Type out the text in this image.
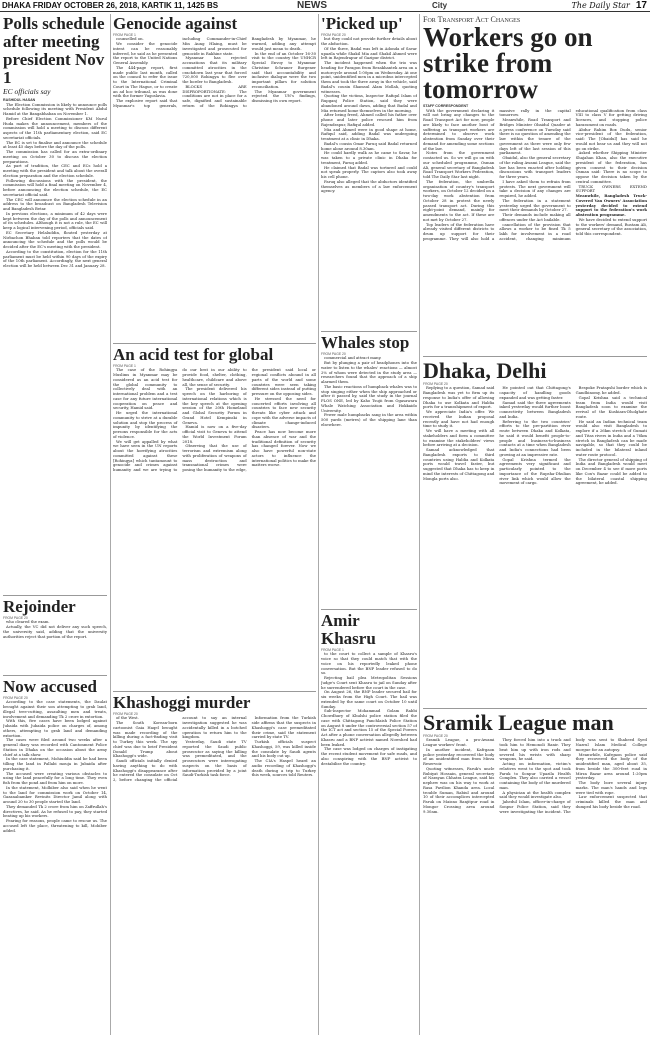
DHAKA FRIDAY OCTOBER 26, 2018, KARTIK 11, 1425 BS	NEWS	City	The Daily Star 17
Polls schedule after meeting president Nov 1
EC officials say
RASHIDUL HASAN

The Election Commission is likely to announce polls schedule following its meeting with President Abdul Hamid at the Bangabhaban on November 1.

Before Chief Election Commissioner KM Nurul Huda makes the announcement, members of the commission will hold a meeting to discuss different aspects of the 11th parliamentary election, said EC secretariat officials.

The EC is set to finalise and announce the schedule at least 45 days before the day of the polls.

The commission has called for an extra-ordinary meeting on October 30 to discuss the election preparations.

As part of tradition, the CEC and ECs hold a meeting with the president and talk about the overall election preparation and the election schedule.

Following discussions with the president, the commission will hold a final meeting on November 4, before announcing the election schedule, the EC secretariat official said.

The CEC will announce the election schedule in an address to the broadcast on Bangladesh Television and Bangladesh Betar.

In previous elections, a minimum of 42 days were kept between the day of the polls and announcement of its schedules. Although it is not a rule, the EC will keep a logical intervening period, officials said.

EC Secretary Helaluddin, flouted yesterday at Nirbachon Bhaban told reporters that the dates of announcing the schedule and the polls would be decided after the EC's meeting with the president.

According to the constitution, election for the 11th parliament must be held within 90 days of the expiry of the 10th parliament. Accordingly, the next general election will be held between Dec 31 and January 28.

Rejoinder
FROM PAGE 20

who cleared the exam.

Actually, the VC did not deliver any such speech, the university said, adding that the university authorities reject that portion of the report.

Now accused
FROM PAGE 20

According to the case statements, the Daulat brought against their son attempting to grab land, illegal tree-cutting, assaulting men and treats, involvement and demanding Tk 2 crore in extortion.

With this, five cases have been lodged against Jubaida with Jubaida police on charges of, among others, attempting to grab land and demanding extortion.

The cases were filed around two weeks after a general diary was recorded with Cantonment Police Station in Dhaka on the occasion about the army chief at a talk show.

In the case statement, Mohiuddin said he had been tilling the land in Pallabi mouja in Jubaida after purchasing it.

The accused were creating various obstacles to using the land peacefully for a long time. They even fish from the pond and from him on more.

In the statement, Molhiber also said when he went to the land for commission work on October 14, Gazanabamker Revinits Director Jamil along with around 20 to 30 people started the land.

They demanded Tk 2 crore from him on Zaffrullah's directives, he said. As he refused to pay, they started beating up his workers.

Fearing for reasons, people came to rescue us. The accused left the place, threatening to kill, Mohiber added.

Genocide against
FROM PAGE 1

counselled on.

We consider the genocide intent can be reasonably inferred, he said as he presented the report to the United Nations General Assembly.

The 444-page report, first made public last month, called on the council to refer the issue to the International Criminal Court in The Hague, or to create an ad hoc tribunal, as was done with the former Yugoslavia.

The explosive report said that Myanmar's top generals, including Commander-in-Chief Min Aung Hlaing, must be investigated and prosecuted for genocide in Rakhine state.

Myanmar has rejected accusations that its military committed atrocities in the crackdown last year that forced 720,000 Rohingya to flee over the border to Bangladesh.

BLOCKS ARE DISPROPORTIONATE: The conditions are not in place for a safe, dignified and sustainable return of the Rohingya to Bangladesh by Myanmar, he warned, adding any attempt would just mean to death.

In the end of an October 16-30 visit to the country the UNHCR Special Envoy to Myanmar Christine Schraner Burgener said that accountability and inclusive dialogue were the two important pillars for solution reconciliation.

The Myanmar government rejected the UN's findings, dismissing its own report.

An acid test for global
FROM PAGE 1

The case of the Rohingya Muslims in Myanmar may be considered as an acid test for the global community to collectively deal with an international problem and a test case for any future international cooperation on peace and security, Hamid said.

He urged the international community to strive at a durable solution and stop the process of impunity by identifying the persons responsible for the acts of violence.

We will get appalled by what we have seen in the UN reports about the horrifying atrocities committed against these [Rohingya] which tantamount to genocide and crimes against humanity and we are trying to do our best in our ability to provide food, shelter, clothing, healthcare, childcare and above all, the sense of security.

The president delivered his speech on the harboring of international relations which is the key speech at the opening session of the 20th Homeland and Global Security Forum in Grand Hotel Kempinski in Geneva.

Hamid is now on a five-day official visit to Geneva to attend the World Investment Forum 2018.

Observing that the use of terrorism and extremism along with proliferation of weapons of mass destruction and transnational crimes were posing the humanity to the edge, the president said local or regional conflicts abound in all parts of the world and some countries were seen taking different sides instead of putting pressure on the opposing sides.

He stressed the need for concerted efforts involving all countries to face new security threats like cyber attack and cope with the adverse impacts of climate change-induced disasters.

Peace has now become more than absence of war and the traditional definition of security has changed forever. Now we also have powerful non-state actors to influence the international politics to make the matters worse.

Khashoggi murder
FROM PAGE 20

of the West.

The South Korean-born cartoonist Gaia Haqel brought was made recording of the killing during a fact-finding visit to Turkey this week. The spy chief was due to brief President Donald Trump about Khashoggi's wide.

Saudi officials initially denied having anything to do with Khashoggi's disappearance after he entered the consulate on Oct 2, before changing the official account to say an internal investigation suggested he was accidentally killed in a botched operation to return him to the kingdom.

Yesterday, Saudi state TV reported the Saudi public prosecutor as saying the killing was premeditated, and the prosecutors were interrogating suspects on the basis of information provided by a joint Saudi-Turkish task force.

Information from the Turkish side affirms that the suspects in Khashoggi's case premeditated their crime, said the statement carried by state TV.

Turkish officials suspect Khashoggi, 59, was killed inside the consulate by Saudi agents and his body cut up.

The CIA's Haspel heard an audio recording of Khashoggi's death during a trip to Turkey this week, sources told Reuters.

'Picked up'
FROM PAGE 20

but they could not provide further details about the abduction.

Of the three, Badal was left in Adonda of Savar upazila while Shakil Mia and Shakil Ahmed were left in Rajendrapur of Gazipur district.

The incident happened when the trio was heading for Paragon from Rezakhantek area on a motorcycle around 1:00pm on Wednesday. At one point, unidentified men in a microbus intercepted them and took the three away in the vehicle, said Badal's cousin Shamsul Alam Mollah, quoting witnesses.

Quoting the victims, Inspector Rafiqul Islam of Rupganj Police Station, said they were abandoned around dawn, adding that Badal and Mia returned home themselves in the morning.

After being freed, Ahmed called his father over phone and later police rescued him from Rajendrapur, Rafiqul added.

Mia and Ahmed were in good shape at home, Rafiqul said, adding Badal was undergoing treatment at a clinic in Dhaka.

Badal's cousin Omar Faruq said Badal returned home alone around 8.30am.

He could hardly walk as he came to Savar, he was taken to a private clinic in Dhaka for treatment, Faruq added.

He claimed that Badal was tortured and could not speak properly. The captors also took away his cell phone.

Faruq also alleged that the abductors identified themselves as members of a law enforcement agency.

Whales stop
FROM PAGE 20

commercial and attract many.

But by plunging a pair of headphones into the water to listen to the whales' reactions — almost 2% of whom were detected in the study area — researchers found that the approach of a ship alarmed them.

The basic reactions of humpback whales was to stop singing either when the ship approached or after it passed by, said the study in the journal PLOS ONE, led by Kaho Tsujii from Ogasawara Whale Watching Association and Hokkaido University.

Fewer male humpbacks sang in the area within 500 yards (metres) of the shipping lane than elsewhere.

Amir Khasru
FROM PAGE 1

to the court to collect a sample of Khasru's voice so that they could match that with the voice on his reportedly leaked phone conversation. But the BNP leader refused to do so.

Rejecting bail plea Metropolitan Sessions Judge's Court sent Khasru to jail on Sunday after he surrendered before the court in the case.

On August 26, the BNP leader secured bail for six weeks from the High Court. The bail was extended by the same court on October 10 until Sunday.

Sub-Inspector Mohammad Golam Rabbi Chowdhury of Khulshi police station filed the case with Chittagong Panchlaish Police Station on August 8 under the controversial section 57 of the ICT act and section 15 of the Special Powers Act after a phone conversation allegedly between Khasru and a BNP activist named Nowshed had been leaked.

The case was lodged on charges of instigating the recent student movement for safe roads, and also conspiring with the BNP activist to destabilise the country.

For Transport Act Changes
Workers go on strike from tomorrow
STAFF CORRESPONDENT

With the government declaring it will not bring any changes to the Road Transport Act for now, people are likely to face another bout of suffering as transport workers are determined to observe work abstention from Sunday over their demand for amending some sections of the law.

Notes from the government contacted us. So we will go on with our scheduled programme, Osman Ali, general secretary of Bangladesh Road Transport Workers Federation, told The Daily Star last night.

The federation, the umbrella organisation of country's transport workers, on October 12 decided on a two-day work abstention from October 28 in protest the newly passed transport act. During this eight-point demand, mainly for amendments to the act. If these are not met by October 27.

Top leaders of the federation have already visited different districts to drum up support for their programme. They will also hold a massive rally in the capital tomorrow.

Meanwhile, Road Transport and Bridges Minister Obaidul Quader at a press conference on Tuesday said there is no question of amending the law within the tenure of the government as there were only few days left of the last session of this parliament.

Obaidul, also the general secretary of the ruling Awami League, said the law has been enacted after holding discussions with transport leaders for three years.

I have asked them to refrain from protests. The next government will take a decision if any changes are required, he added.

The federation in a statement yesterday urged the government to meet their demands by October 27.

Their demands include making all offences under the Act bailable.

cancellation of the provision that allows a worker to be fined Tk 5 lakh for involvement in a road accident, changing minimum educational qualification from class VIII to class V for getting driving licences, and stopping police harassment on roads.

Abdur Rahim Box Dudu, senior vice-president of the federation, said: The [Obaidul] has said he would not hear us and they will not go on strike.

Asked whether Shipping Minister Shajahan Khan, also the executive president of the federation, has given consent to their decision Osman said: There is no scope to oppose the decision taken by the central committee.

TRUCK OWNERS EXTEND SUPPORT

Meanwhile, Bangladesh Truck-Covered Van Owners' Association yesterday decided to extend support to the federation's work abstention programme.

We have decided to extend support to the workers' demand, Rustam Ali, general secretary of the association, told this correspondent.

Dhaka, Delhi
FROM PAGE 20

Replying to a question, Samad said Bangladesh was yet to firm up its response to India's offer of allowing Dhaka to use Kolkata and Haldia ports for a transshipment of export.

We appreciate India's offer. We received the Indian proposal recently and have not had enough time to study it.

We will have a meeting with all stakeholders and form a committee to examine the stakeholders' views before arriving at a decision.

Samad acknowledged that Bangladesh exports to third countries using Haldia and Kolkata ports would travel faster, but suggested that Dhaka has to keep in mind the interests of Chittagong and Mongla ports also.

He pointed out that Chittagong's capacity of handling goods expanded and was getting faster.

Samad said the three agreements inked yesterday would further boost connectivity between Bangladesh and India.

Referring to the two countries' efforts to the pre-partition river route between Dhaka and Kolkata, he said it would benefit people-to-people and business-to-business contacts at a time when Bangladesh and India's connections had been growing at an impressive rate.

Gopal Krishna termed the agreements very significant and particularly pointed to the importance of the Rupsha-Dhulian river link which would allow the movement of cargo.

Bespoke Pratapshi border which is Gandhinomy, he added.

Gopal Krishna said a technical team from India would visit Bangladesh soon to examine the revival of the Kushiara-Dholghate route.

He said an Indian technical team would also visit Bangladesh to explore if a 26km stretch of Gumati and Titas rivers in India and a 76km stretch in Bangladesh can be made navigable, so that they could be included in the bilateral inland water route protocol.

The director general of shipping of India and Bangladesh would meet on December 4 to see if more ports like Cox's Bazar could be added to the bilateral coastal shipping agreement, he added.

Sramik League man
FROM PAGE 20

Sramik League, a pro-Awami League workers' front.

In another incident, Kafrgaon police yesterday recovered the body of an unidentified man from Mirza Reservoir.

Quoting witnesses, Faruk's uncle Rubiyat Hossain, general secretary of Narayan Chhatra League, said his nephew was on his way to work at Rasa Pavilion Khanda area. Local trouble Suman, Rabiul and around 10 of their accomplices intercepted Faruk on Maisno Ranjitpur road in Mongor Crossing area around 9.30am.

They forced him into a truck and took him to Hemonoli Ranir. They beat him up with iron rods and severed his wrists with sharp weapons, he said.

Acting on information, victim's relatives went to the spot and took Faruk to Sonpur Upazila Health Complex. They also carried a vessel containing the body of the murdered man.

A physician at the health complex said they would investigate also.

Jahedul Islam, officer-in-charge of Sonpur Police Station, said they were investigating the incident. The body was sent to Shaheed Syed Nazrul Islam Medical College morgue for an autopsy.

Meanwhile, Kafrgaon police said they recovered the body of the unidentified man, aged about 35, from beside the 300-feet road in Mirza Bazar area around 1:20pm yesterday.

The body bore several injury marks. The man's hands and legs were tied with rope.

Law enforcement suspected that criminals killed the man and dumped his body beside the road.
